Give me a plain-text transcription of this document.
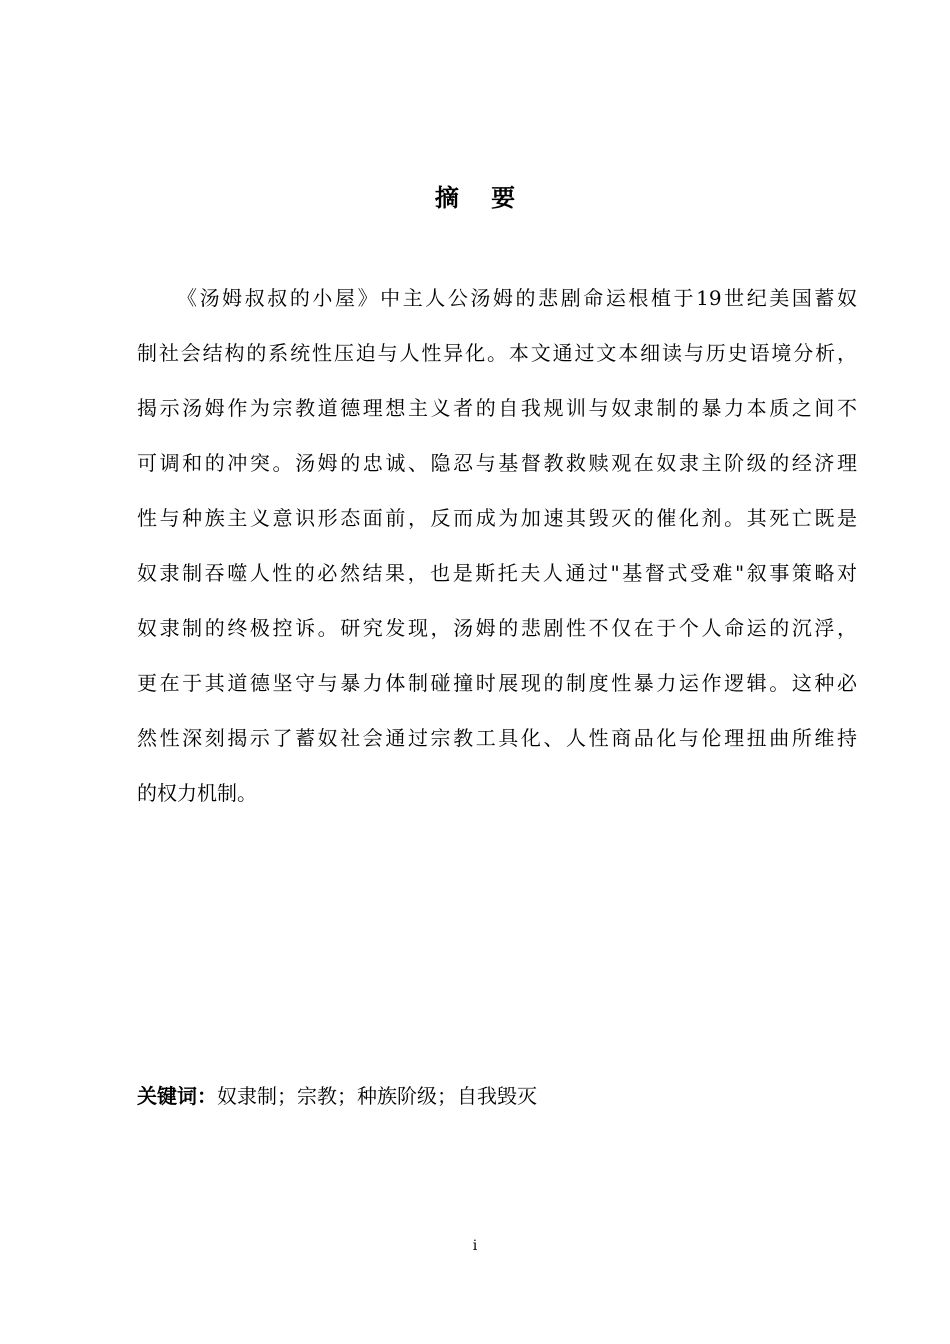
摘 要
《汤姆叔叔的小屋》中主人公汤姆的悲剧命运根植于19世纪美国蓄奴
制社会结构的系统性压迫与人性异化。本文通过文本细读与历史语境分析，
揭示汤姆作为宗教道德理想主义者的自我规训与奴隶制的暴力本质之间不
可调和的冲突。汤姆的忠诚、隐忍与基督教救赎观在奴隶主阶级的经济理
性与种族主义意识形态面前，反而成为加速其毁灭的催化剂。其死亡既是
奴隶制吞噬人性的必然结果，也是斯托夫人通过"基督式受难"叙事策略对
奴隶制的终极控诉。研究发现，汤姆的悲剧性不仅在于个人命运的沉浮，
更在于其道德坚守与暴力体制碰撞时展现的制度性暴力运作逻辑。这种必
然性深刻揭示了蓄奴社会通过宗教工具化、人性商品化与伦理扭曲所维持
的权力机制。
关键词：奴隶制；宗教；种族阶级；自我毁灭
i
